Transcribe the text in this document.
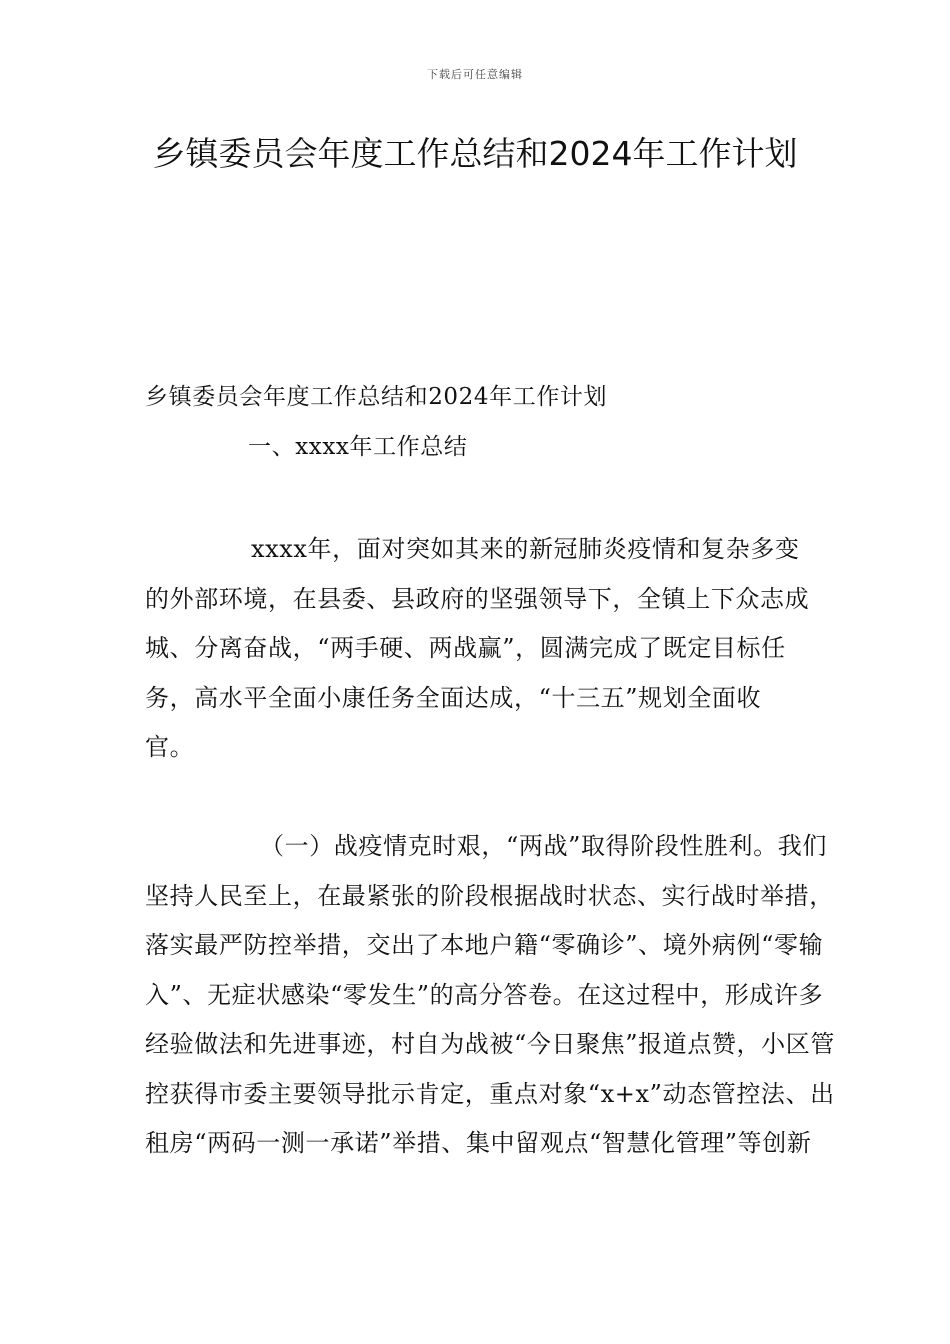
下载后可任意编辑
乡镇委员会年度工作总结和2024年工作计划

乡镇委员会年度工作总结和2024年工作计划

一、xxxx年工作总结

xxxx年，面对突如其来的新冠肺炎疫情和复杂多变的外部环境，在县委、县政府的坚强领导下，全镇上下众志成城、分离奋战，“两手硬、两战赢”，圆满完成了既定目标任务，高水平全面小康任务全面达成，“十三五”规划全面收官。

（一）战疫情克时艰，“两战”取得阶段性胜利。我们坚持人民至上，在最紧张的阶段根据战时状态、实行战时举措，落实最严防控举措，交出了本地户籍“零确诊”、境外病例“零输入”、无症状感染“零发生”的高分答卷。在这过程中，形成许多经验做法和先进事迹，村自为战被“今日聚焦”报道点赞，小区管控获得市委主要领导批示肯定，重点对象“x+x”动态管控法、出租房“两码一测一承诺”举措、集中留观点“智慧化管理”等创新
